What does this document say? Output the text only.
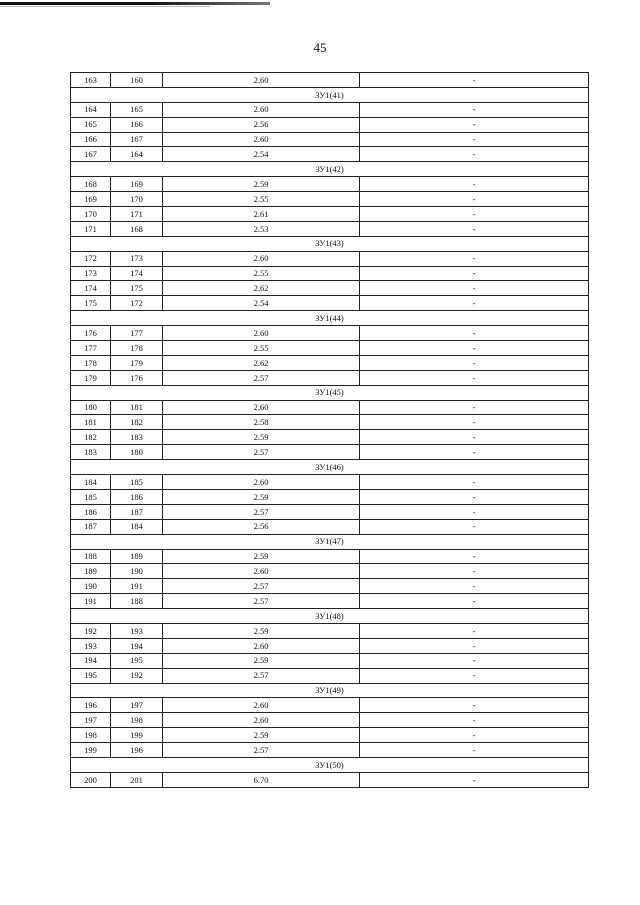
45
163	160	2.60	-
ЗУ1(41)			
164	165	2.60	-
165	166	2.56	-
166	167	2.60	-
167	164	2.54	-
ЗУ1(42)			
168	169	2.59	-
169	170	2.55	-
170	171	2.61	-
171	168	2.53	-
ЗУ1(43)			
172	173	2.60	-
173	174	2.55	-
174	175	2.62	-
175	172	2.54	-
ЗУ1(44)			
176	177	2.60	-
177	178	2.55	-
178	179	2.62	-
179	176	2.57	-
ЗУ1(45)			
180	181	2.60	-
181	182	2.58	-
182	183	2.59	-
183	180	2.57	-
ЗУ1(46)			
184	185	2.60	-
185	186	2.59	-
186	187	2.57	-
187	184	2.56	-
ЗУ1(47)			
188	189	2.59	-
189	190	2.60	-
190	191	2.57	-
191	188	2.57	-
ЗУ1(48)			
192	193	2.59	-
193	194	2.60	-
194	195	2.59	-
195	192	2.57	-
ЗУ1(49)			
196	197	2.60	-
197	198	2.60	-
198	199	2.59	-
199	196	2.57	-
ЗУ1(50)			
200	201	6.70	-
